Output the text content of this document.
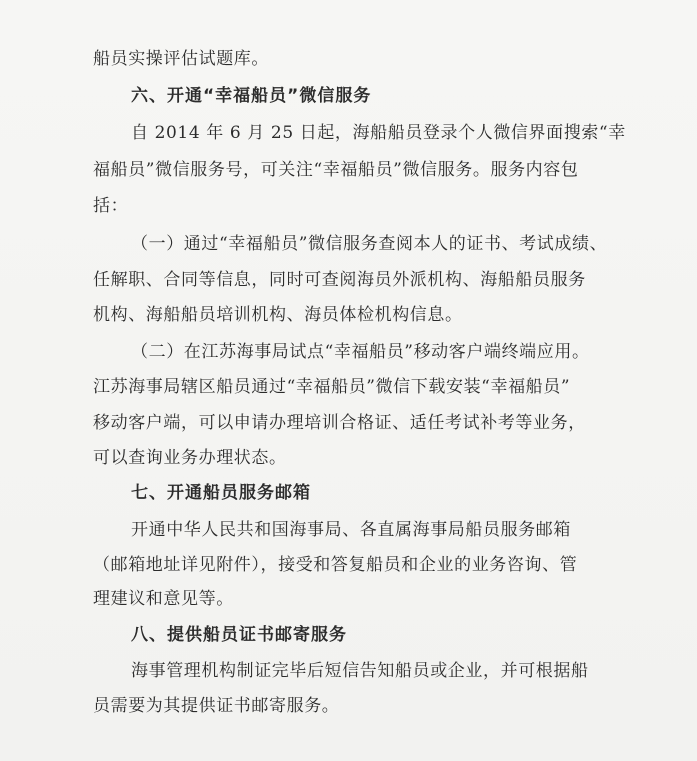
船员实操评估试题库。
六、开通“幸福船员”微信服务
自 2014 年 6 月 25 日起，海船船员登录个人微信界面搜索“幸
福船员”微信服务号，可关注“幸福船员”微信服务。服务内容包
括：
（一）通过“幸福船员”微信服务查阅本人的证书、考试成绩、
任解职、合同等信息，同时可查阅海员外派机构、海船船员服务
机构、海船船员培训机构、海员体检机构信息。
（二）在江苏海事局试点“幸福船员”移动客户端终端应用。
江苏海事局辖区船员通过“幸福船员”微信下载安装“幸福船员”
移动客户端，可以申请办理培训合格证、适任考试补考等业务，
可以查询业务办理状态。
七、开通船员服务邮箱
开通中华人民共和国海事局、各直属海事局船员服务邮箱
（邮箱地址详见附件），接受和答复船员和企业的业务咨询、管
理建议和意见等。
八、提供船员证书邮寄服务
海事管理机构制证完毕后短信告知船员或企业，并可根据船
员需要为其提供证书邮寄服务。
